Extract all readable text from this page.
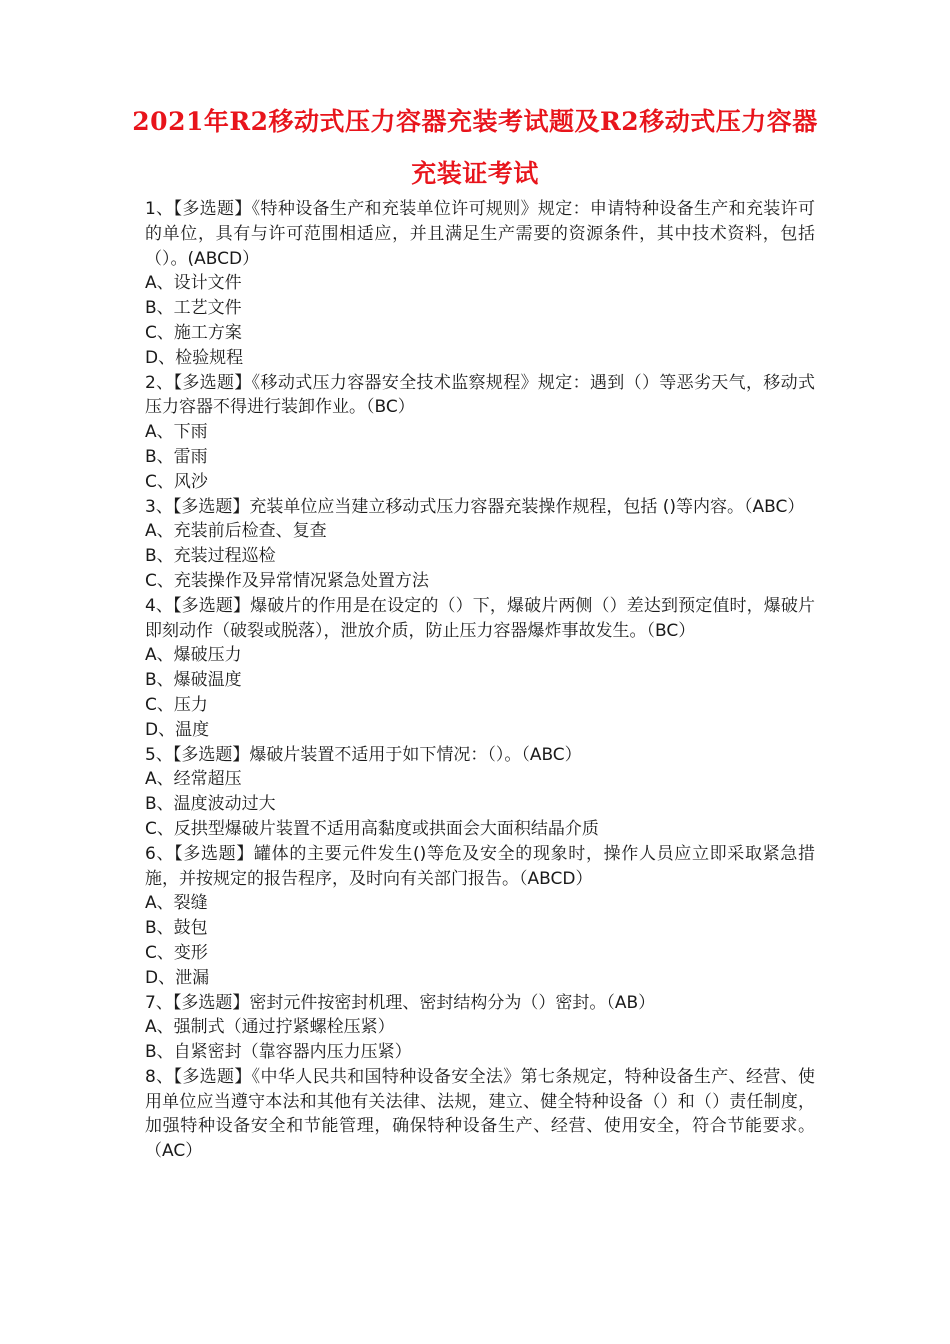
2021年R2移动式压力容器充装考试题及R2移动式压力容器充装证考试

1、【多选题】《特种设备生产和充装单位许可规则》规定：申请特种设备生产和充装许可的单位，具有与许可范围相适应，并且满足生产需要的资源条件，其中技术资料，包括（）。(ABCD）

A、设计文件

B、工艺文件

C、施工方案

D、检验规程

2、【多选题】《移动式压力容器安全技术监察规程》规定：遇到（）等恶劣天气，移动式压力容器不得进行装卸作业。（BC）

A、下雨

B、雷雨

C、风沙

3、【多选题】充装单位应当建立移动式压力容器充装操作规程，包括 ()等内容。（ABC）

A、充装前后检查、复查

B、充装过程巡检

C、充装操作及异常情况紧急处置方法

4、【多选题】爆破片的作用是在设定的（）下，爆破片两侧（）差达到预定值时，爆破片即刻动作（破裂或脱落），泄放介质，防止压力容器爆炸事故发生。（BC）

A、爆破压力

B、爆破温度

C、压力

D、温度

5、【多选题】爆破片装置不适用于如下情况：（）。（ABC）

A、经常超压

B、温度波动过大

C、反拱型爆破片装置不适用高黏度或拱面会大面积结晶介质

6、【多选题】罐体的主要元件发生()等危及安全的现象时，操作人员应立即采取紧急措施，并按规定的报告程序，及时向有关部门报告。（ABCD）

A、裂缝

B、鼓包

C、变形

D、泄漏

7、【多选题】密封元件按密封机理、密封结构分为（）密封。（AB）

A、强制式（通过拧紧螺栓压紧）

B、自紧密封（靠容器内压力压紧）

8、【多选题】《中华人民共和国特种设备安全法》第七条规定，特种设备生产、经营、使用单位应当遵守本法和其他有关法律、法规，建立、健全特种设备（）和（）责任制度，加强特种设备安全和节能管理，确保特种设备生产、经营、使用安全，符合节能要求。（AC）
